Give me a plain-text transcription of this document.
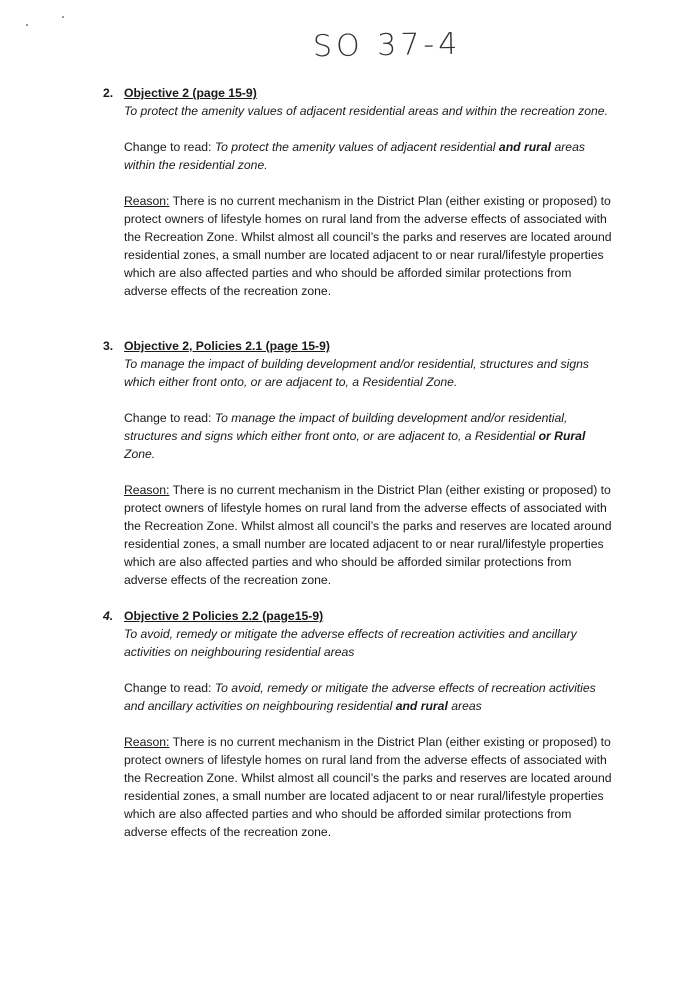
SO 37-4
2. Objective 2 (page 15-9)
To protect the amenity values of adjacent residential areas and within the recreation zone.
Change to read: To protect the amenity values of adjacent residential and rural areas within the residential zone.
Reason: There is no current mechanism in the District Plan (either existing or proposed) to protect owners of lifestyle homes on rural land from the adverse effects of associated with the Recreation Zone. Whilst almost all council’s the parks and reserves are located around residential zones, a small number are located adjacent to or near rural/lifestyle properties which are also affected parties and who should be afforded similar protections from adverse effects of the recreation zone.
3. Objective 2, Policies 2.1 (page 15-9)
To manage the impact of building development and/or residential, structures and signs which either front onto, or are adjacent to, a Residential Zone.
Change to read: To manage the impact of building development and/or residential, structures and signs which either front onto, or are adjacent to, a Residential or Rural Zone.
Reason: There is no current mechanism in the District Plan (either existing or proposed) to protect owners of lifestyle homes on rural land from the adverse effects of associated with the Recreation Zone. Whilst almost all council’s the parks and reserves are located around residential zones, a small number are located adjacent to or near rural/lifestyle properties which are also affected parties and who should be afforded similar protections from adverse effects of the recreation zone.
4. Objective 2 Policies 2.2 (page15-9)
To avoid, remedy or mitigate the adverse effects of recreation activities and ancillary activities on neighbouring residential areas
Change to read: To avoid, remedy or mitigate the adverse effects of recreation activities and ancillary activities on neighbouring residential and rural areas
Reason: There is no current mechanism in the District Plan (either existing or proposed) to protect owners of lifestyle homes on rural land from the adverse effects of associated with the Recreation Zone. Whilst almost all council’s the parks and reserves are located around residential zones, a small number are located adjacent to or near rural/lifestyle properties which are also affected parties and who should be afforded similar protections from adverse effects of the recreation zone.
